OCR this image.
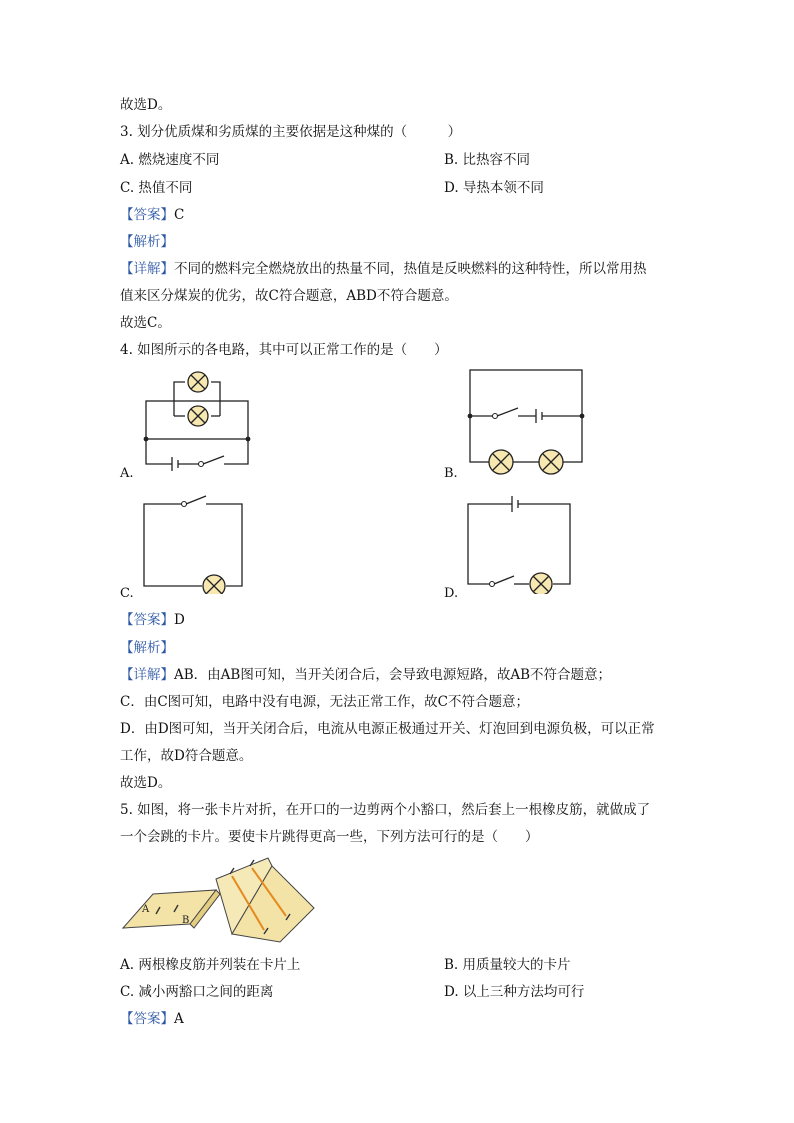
故选D。
3. 划分优质煤和劣质煤的主要依据是这种煤的（　　　）
A. 燃烧速度不同	B. 比热容不同
C. 热值不同	D. 导热本领不同
【答案】C
【解析】
【详解】不同的燃料完全燃烧放出的热量不同，热值是反映燃料的这种特性，所以常用热
值来区分煤炭的优劣，故C符合题意，ABD不符合题意。
故选C。
4. 如图所示的各电路，其中可以正常工作的是（　　）
A.	B.
C.	D.
【答案】D
【解析】
【详解】AB．由AB图可知，当开关闭合后，会导致电源短路，故AB不符合题意；
C．由C图可知，电路中没有电源，无法正常工作，故C不符合题意；
D．由D图可知，当开关闭合后，电流从电源正极通过开关、灯泡回到电源负极，可以正常
工作，故D符合题意。
故选D。
5. 如图，将一张卡片对折，在开口的一边剪两个小豁口，然后套上一根橡皮筋，就做成了
一个会跳的卡片。要使卡片跳得更高一些，下列方法可行的是（　　）
A
B
A. 两根橡皮筋并列装在卡片上	B. 用质量较大的卡片
C. 减小两豁口之间的距离	D. 以上三种方法均可行
【答案】A
